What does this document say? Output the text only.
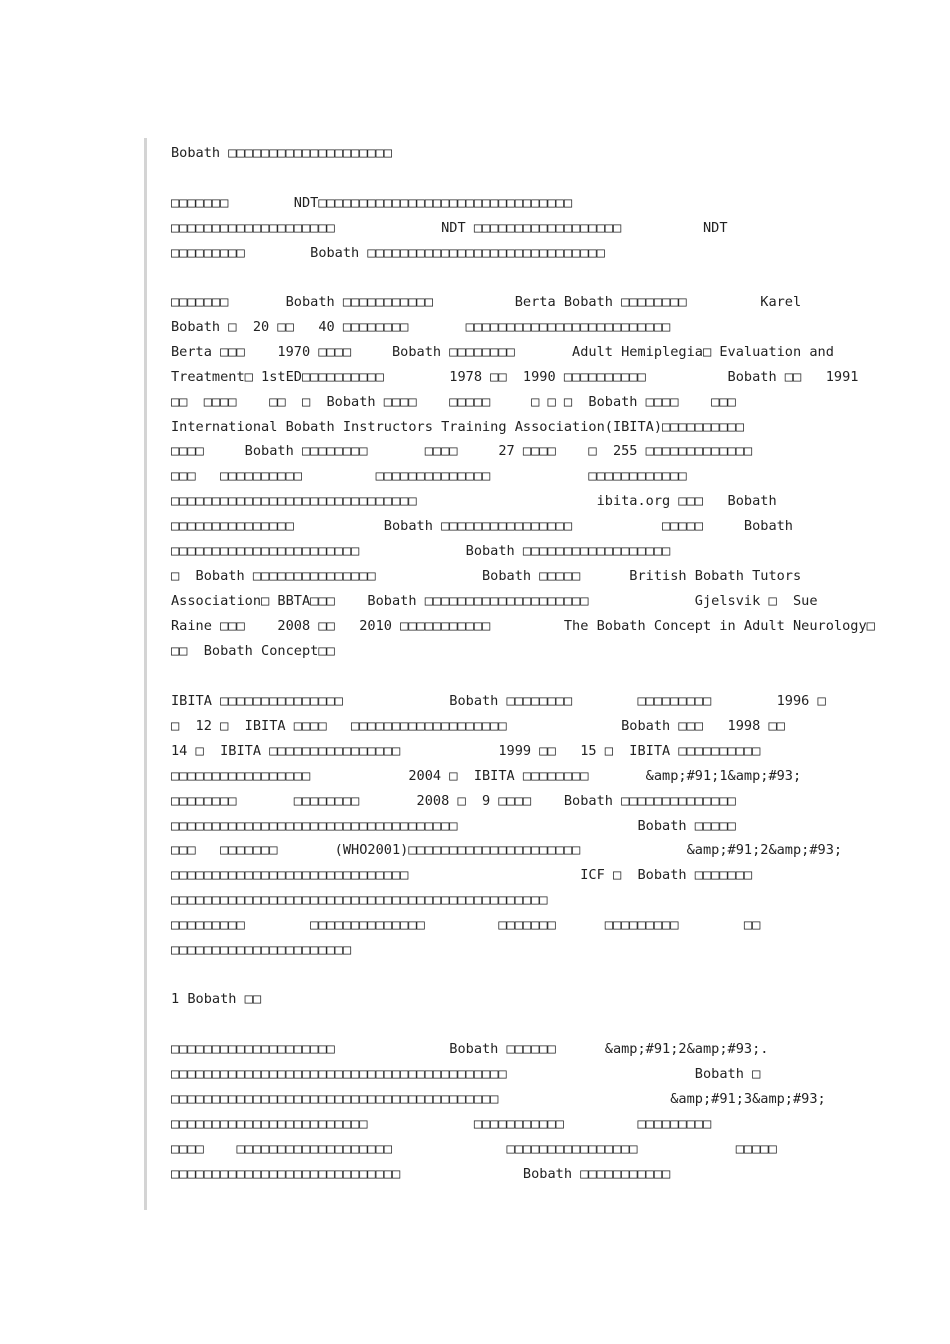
Bobath □□□□□□□□□□□□□□□□□□□□
□□□□□□□        NDT□□□□□□□□□□□□□□□□□□□□□□□□□□□□□□□
□□□□□□□□□□□□□□□□□□□□             NDT □□□□□□□□□□□□□□□□□□          NDT
□□□□□□□□□        Bobath □□□□□□□□□□□□□□□□□□□□□□□□□□□□□
□□□□□□□       Bobath □□□□□□□□□□□          Berta Bobath □□□□□□□□         Karel
Bobath □  20 □□   40 □□□□□□□□       □□□□□□□□□□□□□□□□□□□□□□□□□
Berta □□□    1970 □□□□     Bobath □□□□□□□□       Adult Hemiplegia□ Evaluation and
Treatment□ 1stED□□□□□□□□□□        1978 □□  1990 □□□□□□□□□□          Bobath □□   1991
□□  □□□□    □□  □  Bobath □□□□    □□□□□     □ □ □  Bobath □□□□    □□□
International Bobath Instructors Training Association(IBITA)□□□□□□□□□□
□□□□     Bobath □□□□□□□□       □□□□     27 □□□□    □  255 □□□□□□□□□□□□□
□□□   □□□□□□□□□□         □□□□□□□□□□□□□□            □□□□□□□□□□□□
□□□□□□□□□□□□□□□□□□□□□□□□□□□□□□                      ibita.org □□□   Bobath
□□□□□□□□□□□□□□□           Bobath □□□□□□□□□□□□□□□□           □□□□□     Bobath
□□□□□□□□□□□□□□□□□□□□□□□             Bobath □□□□□□□□□□□□□□□□□□
□  Bobath □□□□□□□□□□□□□□□             Bobath □□□□□      British Bobath Tutors
Association□ BBTA□□□    Bobath □□□□□□□□□□□□□□□□□□□□             Gjelsvik □  Sue
Raine □□□    2008 □□   2010 □□□□□□□□□□□         The Bobath Concept in Adult Neurology□
□□  Bobath Concept□□
IBITA □□□□□□□□□□□□□□□             Bobath □□□□□□□□        □□□□□□□□□        1996 □
□  12 □  IBITA □□□□   □□□□□□□□□□□□□□□□□□□              Bobath □□□   1998 □□
14 □  IBITA □□□□□□□□□□□□□□□□            1999 □□   15 □  IBITA □□□□□□□□□□
□□□□□□□□□□□□□□□□□            2004 □  IBITA □□□□□□□□       &amp;#91;1&amp;#93;
□□□□□□□□       □□□□□□□□       2008 □  9 □□□□    Bobath □□□□□□□□□□□□□□
□□□□□□□□□□□□□□□□□□□□□□□□□□□□□□□□□□□                      Bobath □□□□□
□□□   □□□□□□□       (WHO2001)□□□□□□□□□□□□□□□□□□□□□             &amp;#91;2&amp;#93;
□□□□□□□□□□□□□□□□□□□□□□□□□□□□□                     ICF □  Bobath □□□□□□□
□□□□□□□□□□□□□□□□□□□□□□□□□□□□□□□□□□□□□□□□□□□□□□
□□□□□□□□□        □□□□□□□□□□□□□□         □□□□□□□      □□□□□□□□□        □□
□□□□□□□□□□□□□□□□□□□□□□
1 Bobath □□
□□□□□□□□□□□□□□□□□□□□              Bobath □□□□□□      &amp;#91;2&amp;#93;.
□□□□□□□□□□□□□□□□□□□□□□□□□□□□□□□□□□□□□□□□□                       Bobath □
□□□□□□□□□□□□□□□□□□□□□□□□□□□□□□□□□□□□□□□□                     &amp;#91;3&amp;#93;
□□□□□□□□□□□□□□□□□□□□□□□□             □□□□□□□□□□□         □□□□□□□□□
□□□□    □□□□□□□□□□□□□□□□□□□              □□□□□□□□□□□□□□□□            □□□□□
□□□□□□□□□□□□□□□□□□□□□□□□□□□□               Bobath □□□□□□□□□□□
